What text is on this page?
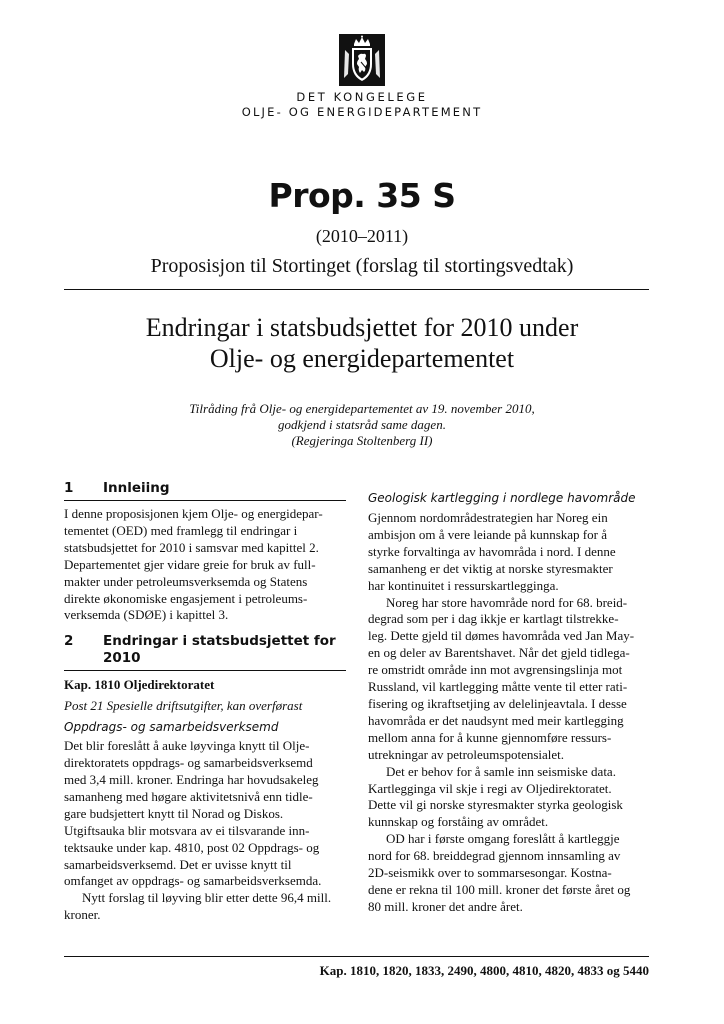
DET KONGELEGE
OLJE- OG ENERGIDEPARTEMENT
Prop. 35 S
(2010–2011)
Proposisjon til Stortinget (forslag til stortingsvedtak)
Endringar i statsbudsjettet for 2010 under
Olje- og energidepartementet
Tilråding frå Olje- og energidepartementet av 19. november 2010,
godkjend i statsråd same dagen.
(Regjeringa Stoltenberg II)
1 Innleiing
I denne proposisjonen kjem Olje- og energidepar-
tementet (OED) med framlegg til endringar i
statsbudsjettet for 2010 i samsvar med kapittel 2.
Departementet gjer vidare greie for bruk av full-
makter under petroleumsverksemda og Statens
direkte økonomiske engasjement i petroleums-
verksemda (SDØE) i kapittel 3.
2 Endringar i statsbudsjettet for
2010
Kap. 1810 Oljedirektoratet
Post 21 Spesielle driftsutgifter, kan overførast
Oppdrags- og samarbeidsverksemd
Det blir foreslått å auke løyvinga knytt til Olje-
direktoratets oppdrags- og samarbeidsverksemd
med 3,4 mill. kroner. Endringa har hovudsakeleg
samanheng med høgare aktivitetsnivå enn tidle-
gare budsjettert knytt til Norad og Diskos.
Utgiftsauka blir motsvara av ei tilsvarande inn-
tektsauke under kap. 4810, post 02 Oppdrags- og
samarbeidsverksemd. Det er uvisse knytt til
omfanget av oppdrags- og samarbeidsverksemda.
Nytt forslag til løyving blir etter dette 96,4 mill.
kroner.
Geologisk kartlegging i nordlege havområde
Gjennom nordområdestrategien har Noreg ein
ambisjon om å vere leiande på kunnskap for å
styrke forvaltinga av havområda i nord. I denne
samanheng er det viktig at norske styresmakter
har kontinuitet i ressurskartlegginga.
Noreg har store havområde nord for 68. breid-
degrad som per i dag ikkje er kartlagt tilstrekke-
leg. Dette gjeld til dømes havområda ved Jan May-
en og deler av Barentshavet. Når det gjeld tidlega-
re omstridt område inn mot avgrensingslinja mot
Russland, vil kartlegging måtte vente til etter rati-
fisering og ikraftsetjing av delelinjeavtala. I desse
havområda er det naudsynt med meir kartlegging
mellom anna for å kunne gjennomføre ressurs-
utrekningar av petroleumspotensialet.
Det er behov for å samle inn seismiske data.
Kartlegginga vil skje i regi av Oljedirektoratet.
Dette vil gi norske styresmakter styrka geologisk
kunnskap og forståing av området.
OD har i første omgang foreslått å kartleggje
nord for 68. breiddegrad gjennom innsamling av
2D-seismikk over to sommarsesongar. Kostna-
dene er rekna til 100 mill. kroner det første året og
80 mill. kroner det andre året.
Kap. 1810, 1820, 1833, 2490, 4800, 4810, 4820, 4833 og 5440
